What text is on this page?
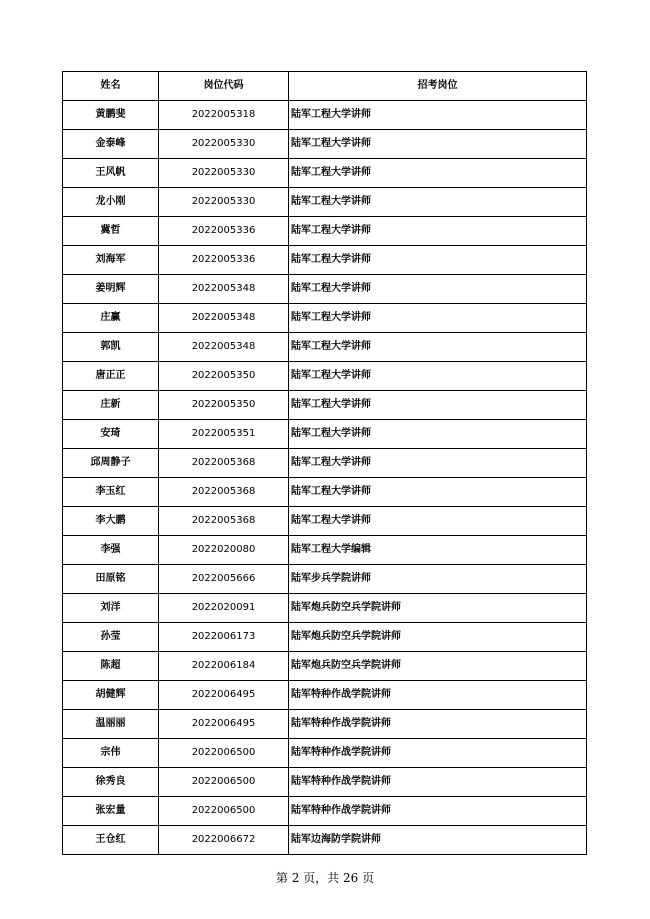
姓名	岗位代码	招考岗位
黄鹏斐	2022005318	陆军工程大学讲师
金泰峰	2022005330	陆军工程大学讲师
王风帆	2022005330	陆军工程大学讲师
龙小刚	2022005330	陆军工程大学讲师
冀哲	2022005336	陆军工程大学讲师
刘海军	2022005336	陆军工程大学讲师
姜明辉	2022005348	陆军工程大学讲师
庄赢	2022005348	陆军工程大学讲师
郭凯	2022005348	陆军工程大学讲师
唐正正	2022005350	陆军工程大学讲师
庄新	2022005350	陆军工程大学讲师
安琦	2022005351	陆军工程大学讲师
邱周静子	2022005368	陆军工程大学讲师
李玉红	2022005368	陆军工程大学讲师
李大鹏	2022005368	陆军工程大学讲师
李强	2022020080	陆军工程大学编辑
田原铭	2022005666	陆军步兵学院讲师
刘洋	2022020091	陆军炮兵防空兵学院讲师
孙莹	2022006173	陆军炮兵防空兵学院讲师
陈超	2022006184	陆军炮兵防空兵学院讲师
胡健辉	2022006495	陆军特种作战学院讲师
温丽丽	2022006495	陆军特种作战学院讲师
宗伟	2022006500	陆军特种作战学院讲师
徐秀良	2022006500	陆军特种作战学院讲师
张宏量	2022006500	陆军特种作战学院讲师
王仓红	2022006672	陆军边海防学院讲师
第 2 页，共 26 页
